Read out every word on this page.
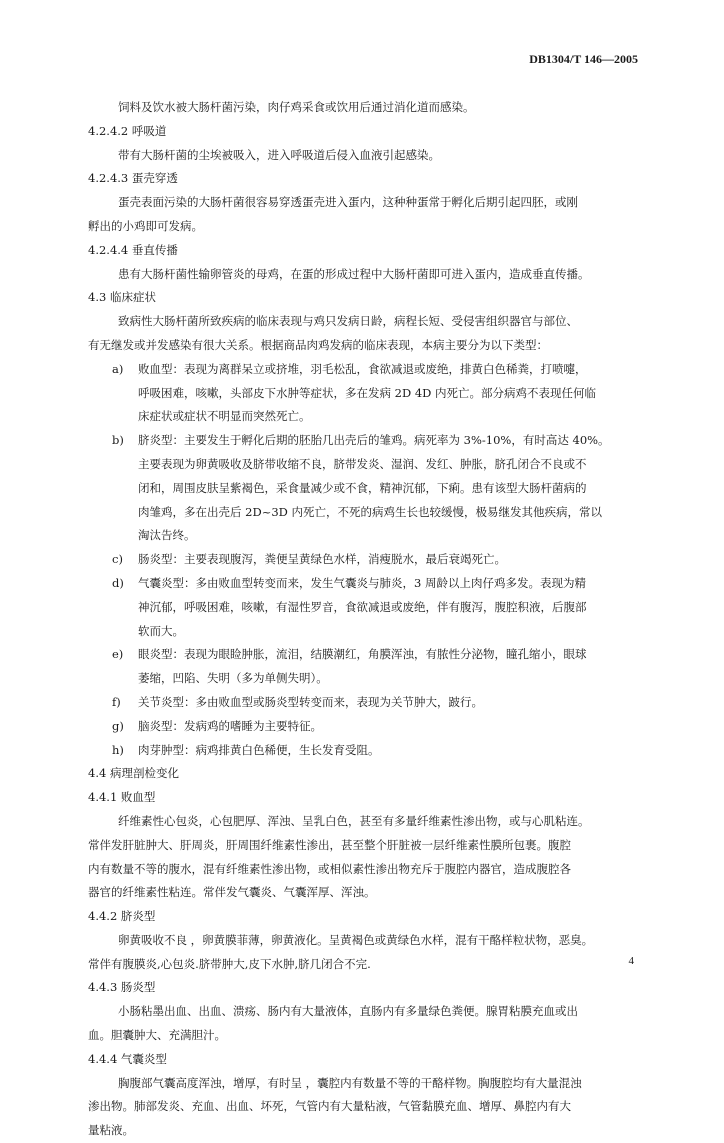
DB1304/T 146—2005
饲料及饮水被大肠杆菌污染，肉仔鸡采食或饮用后通过消化道而感染。
4.2.4.2 呼吸道
带有大肠杆菌的尘埃被吸入，进入呼吸道后侵入血液引起感染。
4.2.4.3 蛋壳穿透
蛋壳表面污染的大肠杆菌很容易穿透蛋壳进入蛋内，这种种蛋常于孵化后期引起四胚，或刚
孵出的小鸡即可发病。
4.2.4.4 垂直传播
患有大肠杆菌性输卵管炎的母鸡，在蛋的形成过程中大肠杆菌即可进入蛋内，造成垂直传播。
4.3 临床症状
致病性大肠杆菌所致疾病的临床表现与鸡只发病日龄，病程长短、受侵害组织器官与部位、
有无继发或并发感染有很大关系。根据商品肉鸡发病的临床表现，本病主要分为以下类型：
a)	败血型：表现为离群呆立或挤堆，羽毛松乱，食欲减退或废绝，排黄白色稀粪，打喷嚏，
呼吸困难，咳嗽，头部皮下水肿等症状，多在发病 2D 4D 内死亡。部分病鸡不表现任何临
床症状或症状不明显而突然死亡。
b)	脐炎型：主要发生于孵化后期的胚胎几出壳后的雏鸡。病死率为 3%-10%，有时高达 40%。
主要表现为卵黄吸收及脐带收缩不良，脐带发炎、湿润、发红、肿胀，脐孔闭合不良或不
闭和，周围皮肤呈紫褐色，采食量减少或不食，精神沉郁，下痢。患有该型大肠杆菌病的
肉雏鸡，多在出壳后 2D~3D 内死亡，不死的病鸡生长也较缓慢，极易继发其他疾病，常以
淘汰告终。
c)	肠炎型：主要表现腹泻，粪便呈黄绿色水样，消瘦脱水，最后衰竭死亡。
d)	气囊炎型：多由败血型转变而来，发生气囊炎与肺炎，3 周龄以上肉仔鸡多发。表现为精
神沉郁，呼吸困难，咳嗽，有湿性罗音，食欲减退或废绝，伴有腹泻，腹腔积液，后腹部
软而大。
e)	眼炎型：表现为眼睑肿胀，流泪，结膜潮红，角膜浑浊，有脓性分泌物，瞳孔缩小，眼球
萎缩，凹陷、失明（多为单侧失明）。
f)	关节炎型：多由败血型或肠炎型转变而来，表现为关节肿大，跛行。
g)	脑炎型：发病鸡的嗜睡为主要特征。
h)	肉芽肿型：病鸡排黄白色稀便，生长发育受阻。
4.4 病理剖检变化
4.4.1 败血型
纤维素性心包炎，心包肥厚、浑浊、呈乳白色，甚至有多量纤维素性渗出物，或与心肌粘连。
常伴发肝脏肿大、肝周炎，肝周围纤维素性渗出，甚至整个肝脏被一层纤维素性膜所包裹。腹腔
内有数量不等的腹水，混有纤维素性渗出物，或相似素性渗出物充斥于腹腔内器官，造成腹腔各
器官的纤维素性粘连。常伴发气囊炎、气囊浑厚、浑浊。
4.4.2 脐炎型
卵黄吸收不良 ，卵黄膜菲薄，卵黄液化。呈黄褐色或黄绿色水样，混有干酪样粒状物，恶臭。
常伴有腹膜炎,心包炎.脐带肿大,皮下水肿,脐几闭合不完.
4.4.3 肠炎型
小肠粘墨出血、出血、溃疡、肠内有大量液体，直肠内有多量绿色粪便。腺胃粘膜充血或出
血。胆囊肿大、充满胆汁。
4.4.4 气囊炎型
胸腹部气囊高度浑浊，增厚，有时呈 ，囊腔内有数量不等的干酪样物。胸腹腔均有大量混浊
渗出物。肺部发炎、充血、出血、坏死，气管内有大量粘液，气管黏膜充血、增厚、鼻腔内有大
量粘液。
4
